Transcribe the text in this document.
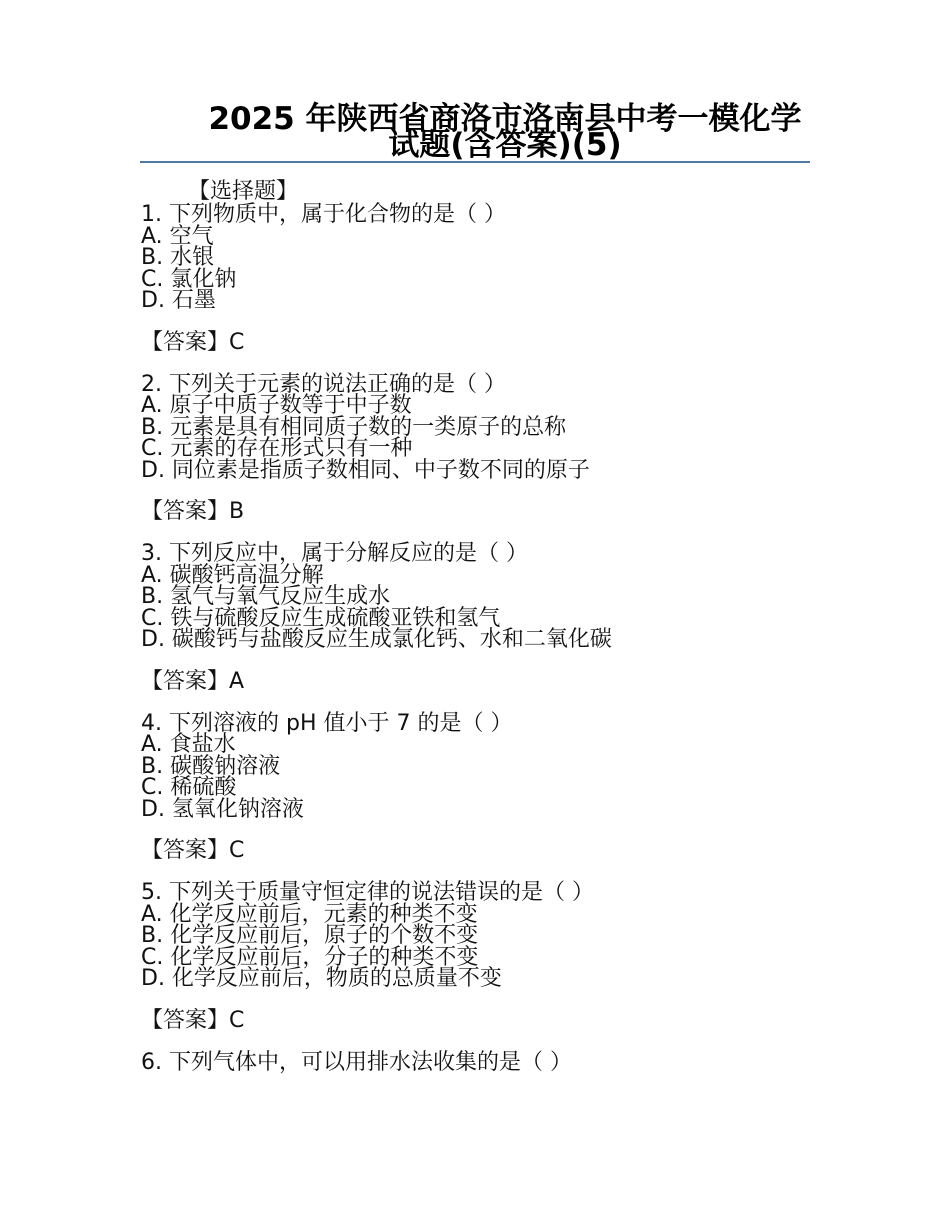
2025 年陕西省商洛市洛南县中考一模化学试题(含答案)(5)
【选择题】
1. 下列物质中，属于化合物的是（ ）
A. 空气
B. 水银
C. 氯化钠
D. 石墨
【答案】C
2. 下列关于元素的说法正确的是（ ）
A. 原子中质子数等于中子数
B. 元素是具有相同质子数的一类原子的总称
C. 元素的存在形式只有一种
D. 同位素是指质子数相同、中子数不同的原子
【答案】B
3. 下列反应中，属于分解反应的是（ ）
A. 碳酸钙高温分解
B. 氢气与氧气反应生成水
C. 铁与硫酸反应生成硫酸亚铁和氢气
D. 碳酸钙与盐酸反应生成氯化钙、水和二氧化碳
【答案】A
4. 下列溶液的 pH 值小于 7 的是（ ）
A. 食盐水
B. 碳酸钠溶液
C. 稀硫酸
D. 氢氧化钠溶液
【答案】C
5. 下列关于质量守恒定律的说法错误的是（ ）
A. 化学反应前后，元素的种类不变
B. 化学反应前后，原子的个数不变
C. 化学反应前后，分子的种类不变
D. 化学反应前后，物质的总质量不变
【答案】C
6. 下列气体中，可以用排水法收集的是（ ）
